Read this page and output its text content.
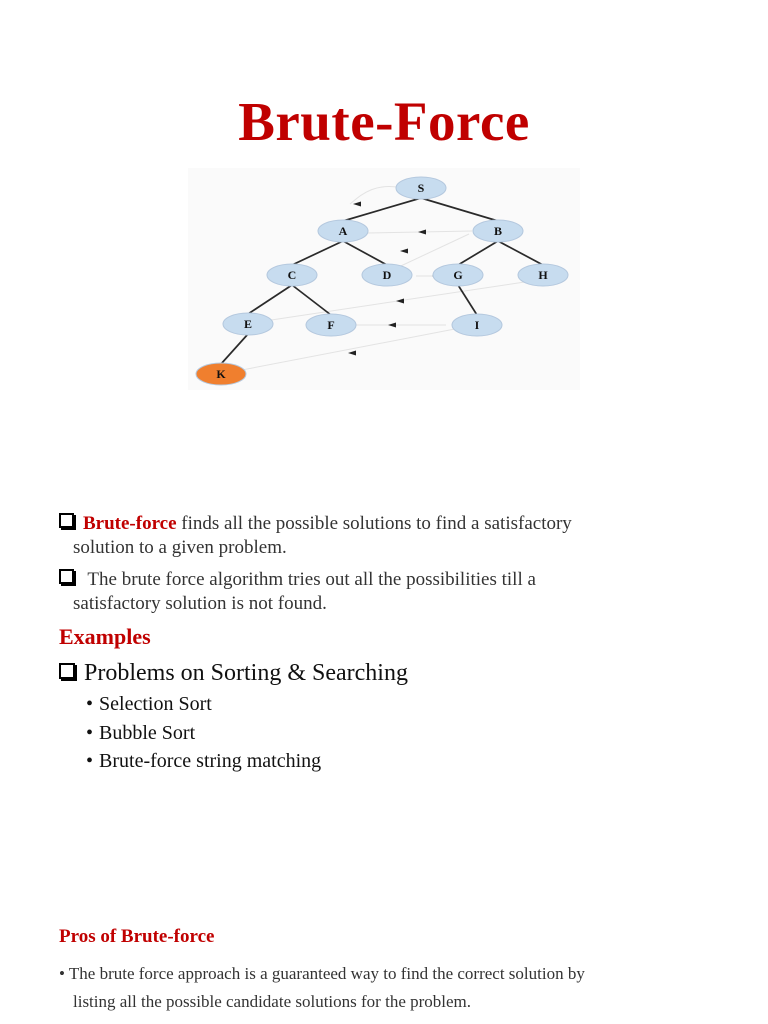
Brute-Force
S
A	B
C	D	G	H
E	F	I
K
Brute-force finds all the possible solutions to find a satisfactory
solution to a given problem.
The brute force algorithm tries out all the possibilities till a
satisfactory solution is not found.
Examples
Problems on Sorting & Searching
• Selection Sort
• Bubble Sort
• Brute-force string matching
Pros of Brute-force
• The brute force approach is a guaranteed way to find the correct solution by
listing all the possible candidate solutions for the problem.
